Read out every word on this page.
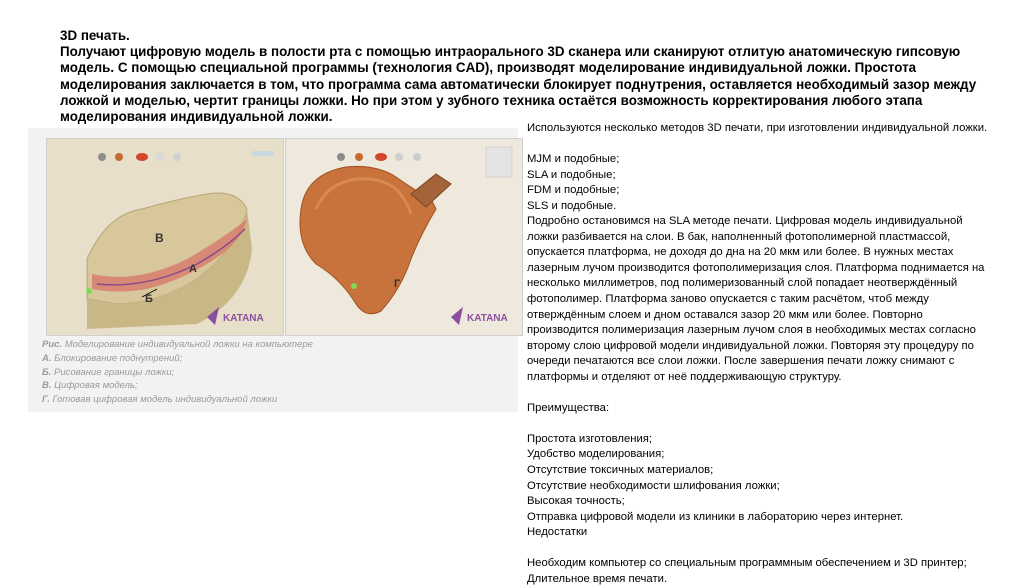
3D печать.
Получают цифровую модель в полости рта с помощью интраорального 3D сканера или сканируют отлитую анатомическую гипсовую
модель. С помощью специальной программы (технология CAD), производят моделирование индивидуальной ложки. Простота
моделирования заключается в том, что программа сама автоматически блокирует поднутрения, оставляется необходимый зазор между
ложкой и моделью, чертит границы ложки. Но при этом у зубного техника остаётся возможность корректирования любого этапа
моделирования индивидуальной ложки.
В
А
Б
KATANA
Г
KATANA
Рис. Моделирование индивидуальной ложки на компьютере
А. Блокирование поднутрений;
Б. Рисование границы ложки;
В. Цифровая модель;
Г. Готовая цифровая модель индивидуальной ложки
Используются несколько методов 3D печати, при изготовлении индивидуальной ложки.
MJM и подобные;
SLA и подобные;
FDM и подобные;
SLS и подобные.
Подробно остановимся на SLA методе печати. Цифровая модель индивидуальной
ложки разбивается на слои. В бак, наполненный фотополимерной пластмассой,
опускается платформа, не доходя до дна на 20 мкм или более. В нужных местах
лазерным лучом производится фотополимеризация слоя. Платформа поднимается на
несколько миллиметров, под полимеризованный слой попадает неотверждённый
фотополимер. Платформа заново опускается с таким расчётом, чтоб между
отверждённым слоем и дном оставался зазор 20 мкм или более. Повторно
производится полимеризация лазерным лучом слоя в необходимых местах согласно
второму слою цифровой модели индивидуальной ложки. Повторяя эту процедуру по
очереди печатаются все слои ложки. После завершения печати ложку снимают с
платформы и отделяют от неё поддерживающую структуру.
Преимущества:
Простота изготовления;
Удобство моделирования;
Отсутствие токсичных материалов;
Отсутствие необходимости шлифования ложки;
Высокая точность;
Отправка цифровой модели из клиники в лабораторию через интернет.
Недостатки
Необходим компьютер со специальным программным обеспечением и 3D принтер;
Длительное время печати.
